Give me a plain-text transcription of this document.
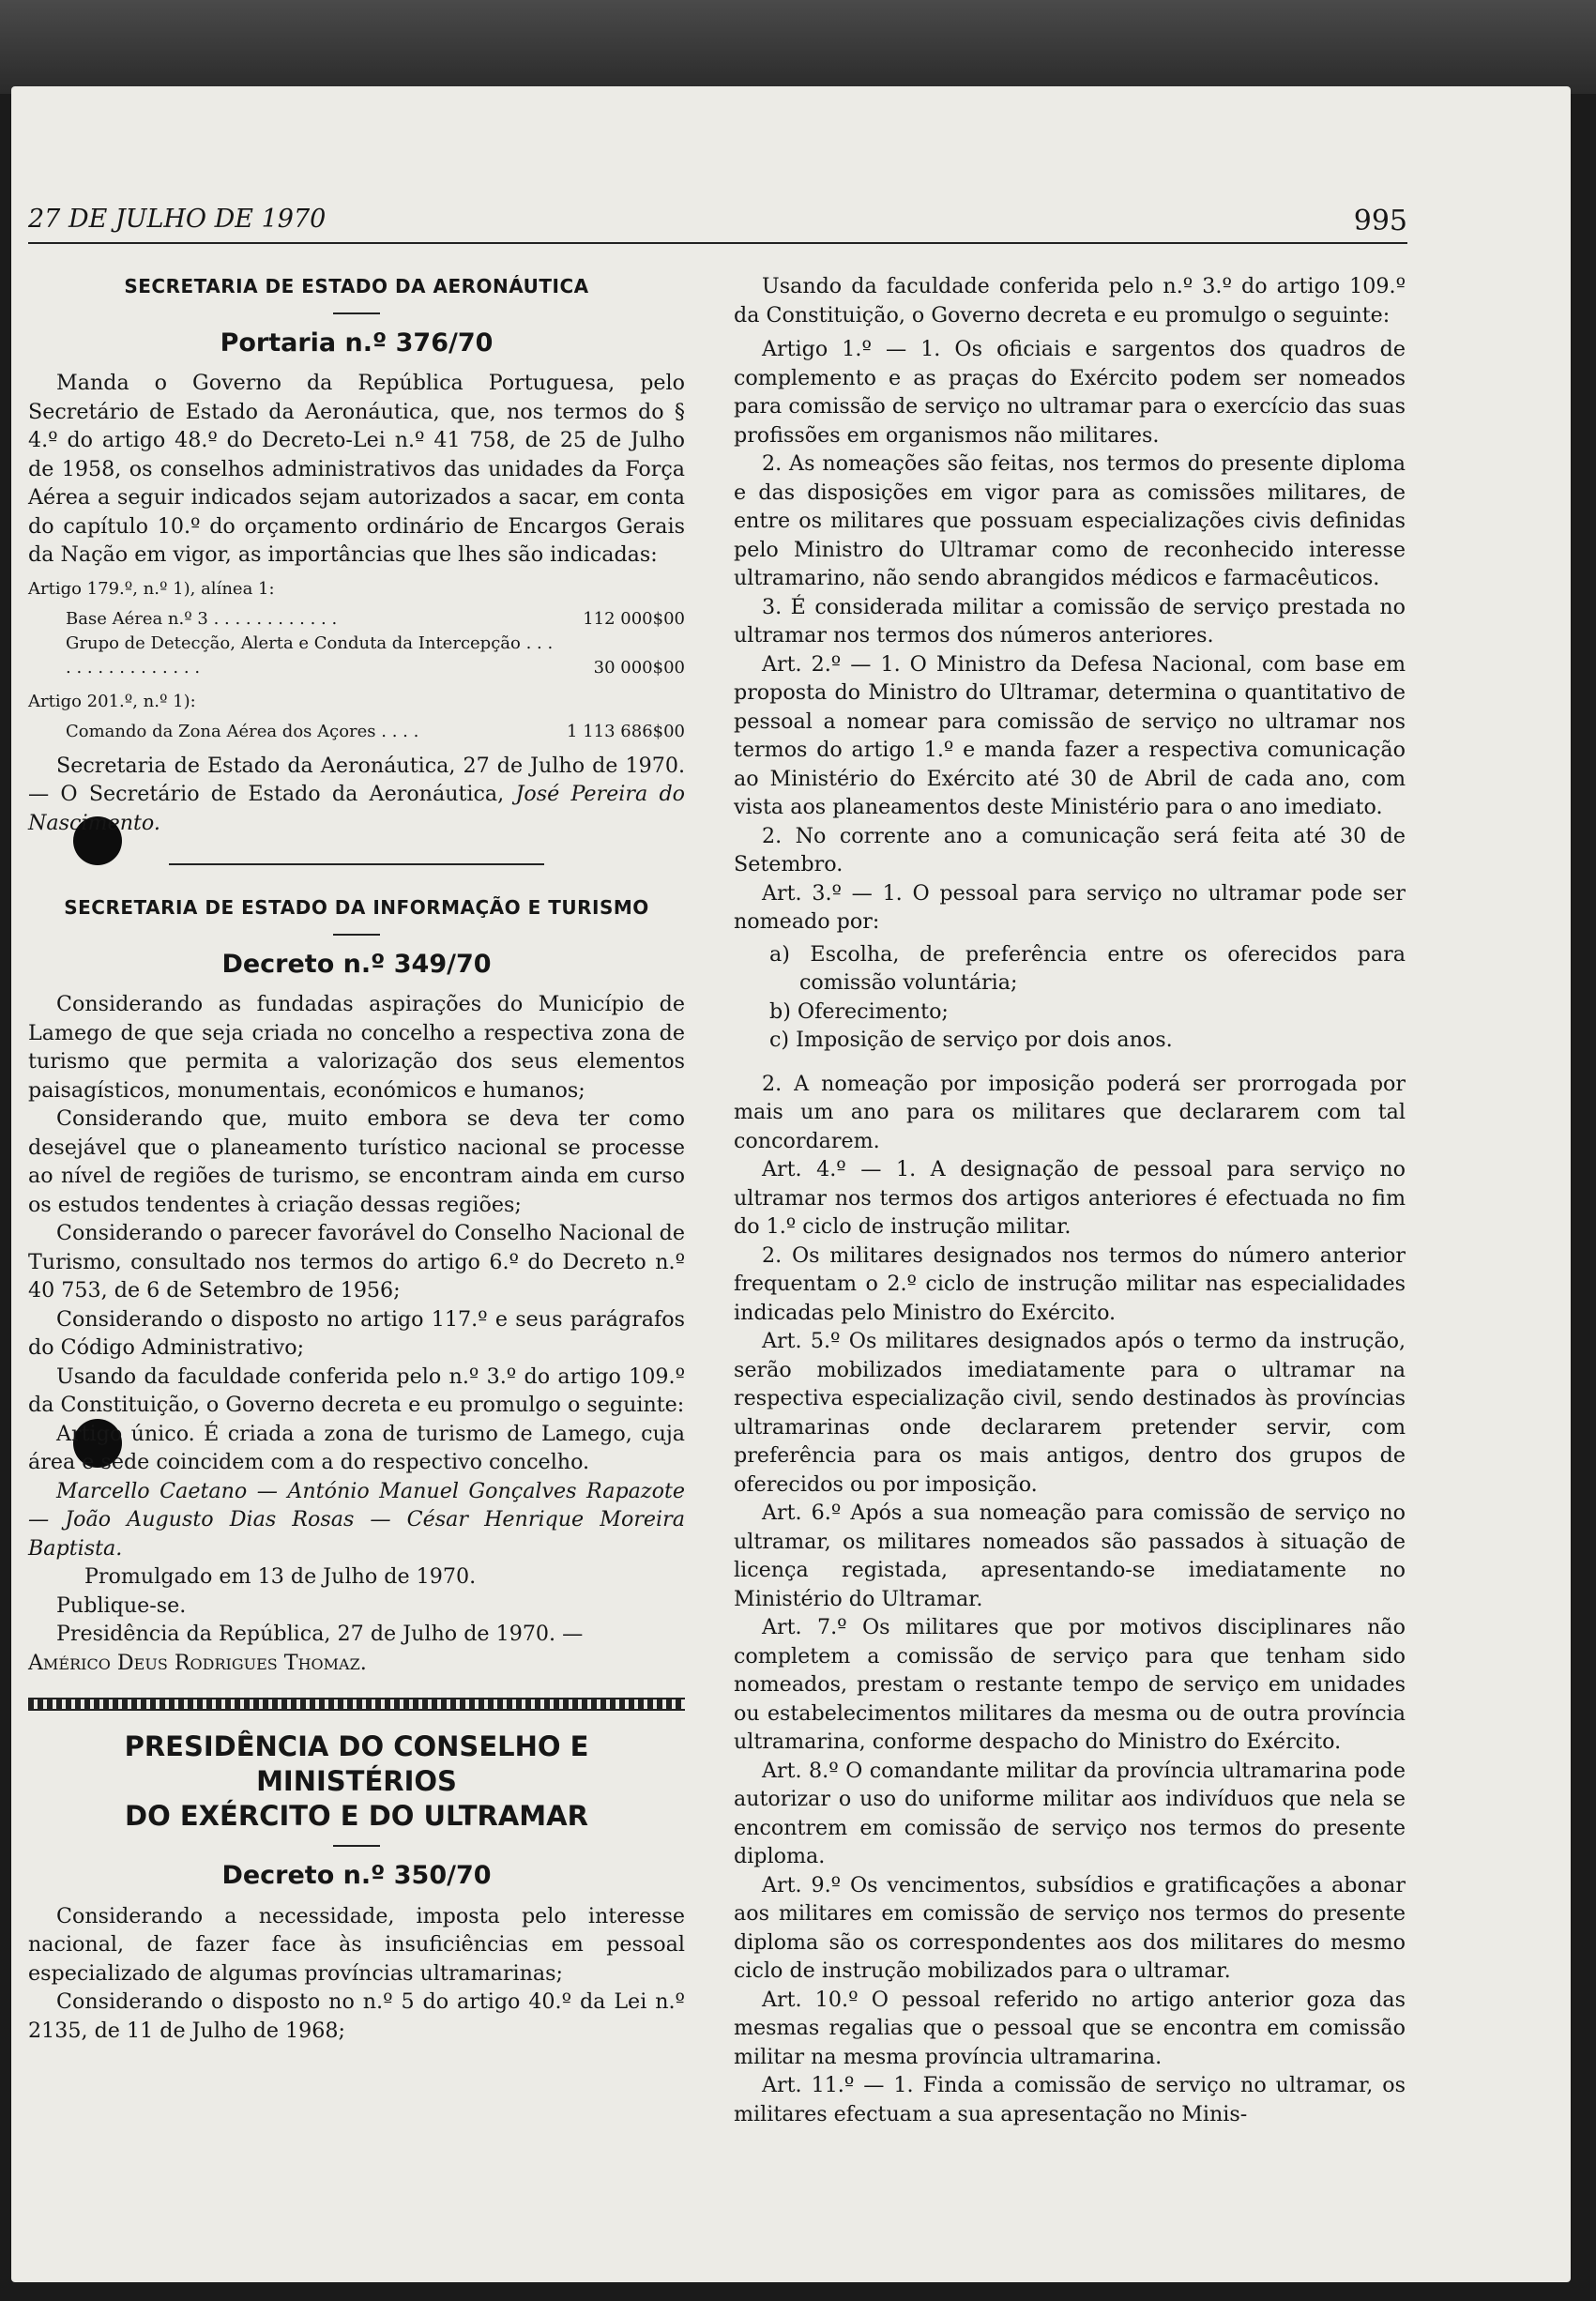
27 DE JULHO DE 1970	995

SECRETARIA DE ESTADO DA AERONÁUTICA

Portaria n.º 376/70

Manda o Governo da República Portuguesa, pelo Secretário de Estado da Aeronáutica, que, nos termos do § 4.º do artigo 48.º do Decreto-Lei n.º 41 758, de 25 de Julho de 1958, os conselhos administrativos das unidades da Força Aérea a seguir indicados sejam autorizados a sacar, em conta do capítulo 10.º do orçamento ordinário de Encargos Gerais da Nação em vigor, as importâncias que lhes são indicadas:

Artigo 179.º, n.º 1), alínea 1:

Base Aérea n.º 3 . . . . . . . . . . . .	112 000$00
Grupo de Detecção, Alerta e Conduta da Intercepção . . . . . . . . . . . . . . . .	30 000$00

Artigo 201.º, n.º 1):

Comando da Zona Aérea dos Açores . . . .	1 113 686$00

Secretaria de Estado da Aeronáutica, 27 de Julho de 1970. — O Secretário de Estado da Aeronáutica, José Pereira do Nascimento.

SECRETARIA DE ESTADO DA INFORMAÇÃO E TURISMO

Decreto n.º 349/70

Considerando as fundadas aspirações do Município de Lamego de que seja criada no concelho a respectiva zona de turismo que permita a valorização dos seus elementos paisagísticos, monumentais, económicos e humanos;

Considerando que, muito embora se deva ter como desejável que o planeamento turístico nacional se processe ao nível de regiões de turismo, se encontram ainda em curso os estudos tendentes à criação dessas regiões;

Considerando o parecer favorável do Conselho Nacional de Turismo, consultado nos termos do artigo 6.º do Decreto n.º 40 753, de 6 de Setembro de 1956;

Considerando o disposto no artigo 117.º e seus parágrafos do Código Administrativo;

Usando da faculdade conferida pelo n.º 3.º do artigo 109.º da Constituição, o Governo decreta e eu promulgo o seguinte:

Artigo único. É criada a zona de turismo de Lamego, cuja área e sede coincidem com a do respectivo concelho.

Marcello Caetano — António Manuel Gonçalves Rapazote — João Augusto Dias Rosas — César Henrique Moreira Baptista.

Promulgado em 13 de Julho de 1970.

Publique-se.

Presidência da República, 27 de Julho de 1970. —

Américo Deus Rodrigues Thomaz.

PRESIDÊNCIA DO CONSELHO E MINISTÉRIOS

DO EXÉRCITO E DO ULTRAMAR

Decreto n.º 350/70

Considerando a necessidade, imposta pelo interesse nacional, de fazer face às insuficiências em pessoal especializado de algumas províncias ultramarinas;

Considerando o disposto no n.º 5 do artigo 40.º da Lei n.º 2135, de 11 de Julho de 1968;

Usando da faculdade conferida pelo n.º 3.º do artigo 109.º da Constituição, o Governo decreta e eu promulgo o seguinte:

Artigo 1.º — 1. Os oficiais e sargentos dos quadros de complemento e as praças do Exército podem ser nomeados para comissão de serviço no ultramar para o exercício das suas profissões em organismos não militares.

2. As nomeações são feitas, nos termos do presente diploma e das disposições em vigor para as comissões militares, de entre os militares que possuam especializações civis definidas pelo Ministro do Ultramar como de reconhecido interesse ultramarino, não sendo abrangidos médicos e farmacêuticos.

3. É considerada militar a comissão de serviço prestada no ultramar nos termos dos números anteriores.

Art. 2.º — 1. O Ministro da Defesa Nacional, com base em proposta do Ministro do Ultramar, determina o quantitativo de pessoal a nomear para comissão de serviço no ultramar nos termos do artigo 1.º e manda fazer a respectiva comunicação ao Ministério do Exército até 30 de Abril de cada ano, com vista aos planeamentos deste Ministério para o ano imediato.

2. No corrente ano a comunicação será feita até 30 de Setembro.

Art. 3.º — 1. O pessoal para serviço no ultramar pode ser nomeado por:

a) Escolha, de preferência entre os oferecidos para comissão voluntária;

b) Oferecimento;

c) Imposição de serviço por dois anos.

2. A nomeação por imposição poderá ser prorrogada por mais um ano para os militares que declararem com tal concordarem.

Art. 4.º — 1. A designação de pessoal para serviço no ultramar nos termos dos artigos anteriores é efectuada no fim do 1.º ciclo de instrução militar.

2. Os militares designados nos termos do número anterior frequentam o 2.º ciclo de instrução militar nas especialidades indicadas pelo Ministro do Exército.

Art. 5.º Os militares designados após o termo da instrução, serão mobilizados imediatamente para o ultramar na respectiva especialização civil, sendo destinados às províncias ultramarinas onde declararem pretender servir, com preferência para os mais antigos, dentro dos grupos de oferecidos ou por imposição.

Art. 6.º Após a sua nomeação para comissão de serviço no ultramar, os militares nomeados são passados à situação de licença registada, apresentando-se imediatamente no Ministério do Ultramar.

Art. 7.º Os militares que por motivos disciplinares não completem a comissão de serviço para que tenham sido nomeados, prestam o restante tempo de serviço em unidades ou estabelecimentos militares da mesma ou de outra província ultramarina, conforme despacho do Ministro do Exército.

Art. 8.º O comandante militar da província ultramarina pode autorizar o uso do uniforme militar aos indivíduos que nela se encontrem em comissão de serviço nos termos do presente diploma.

Art. 9.º Os vencimentos, subsídios e gratificações a abonar aos militares em comissão de serviço nos termos do presente diploma são os correspondentes aos dos militares do mesmo ciclo de instrução mobilizados para o ultramar.

Art. 10.º O pessoal referido no artigo anterior goza das mesmas regalias que o pessoal que se encontra em comissão militar na mesma província ultramarina.

Art. 11.º — 1. Finda a comissão de serviço no ultramar, os militares efectuam a sua apresentação no Minis-
